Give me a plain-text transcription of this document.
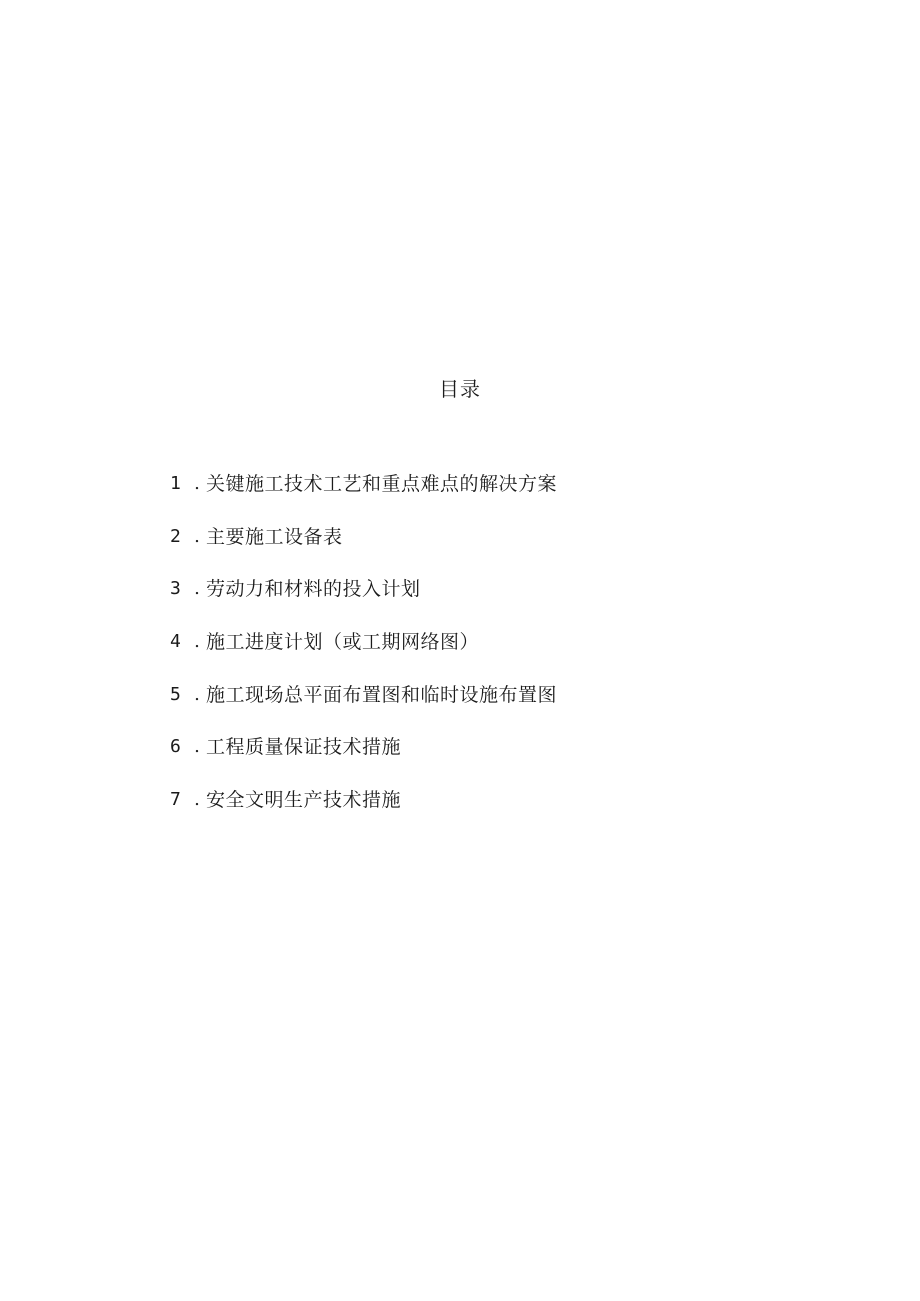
目录
1 . 关键施工技术工艺和重点难点的解决方案
2 . 主要施工设备表
3 . 劳动力和材料的投入计划
4 . 施工进度计划（或工期网络图）
5 . 施工现场总平面布置图和临时设施布置图
6 . 工程质量保证技术措施
7 . 安全文明生产技术措施
